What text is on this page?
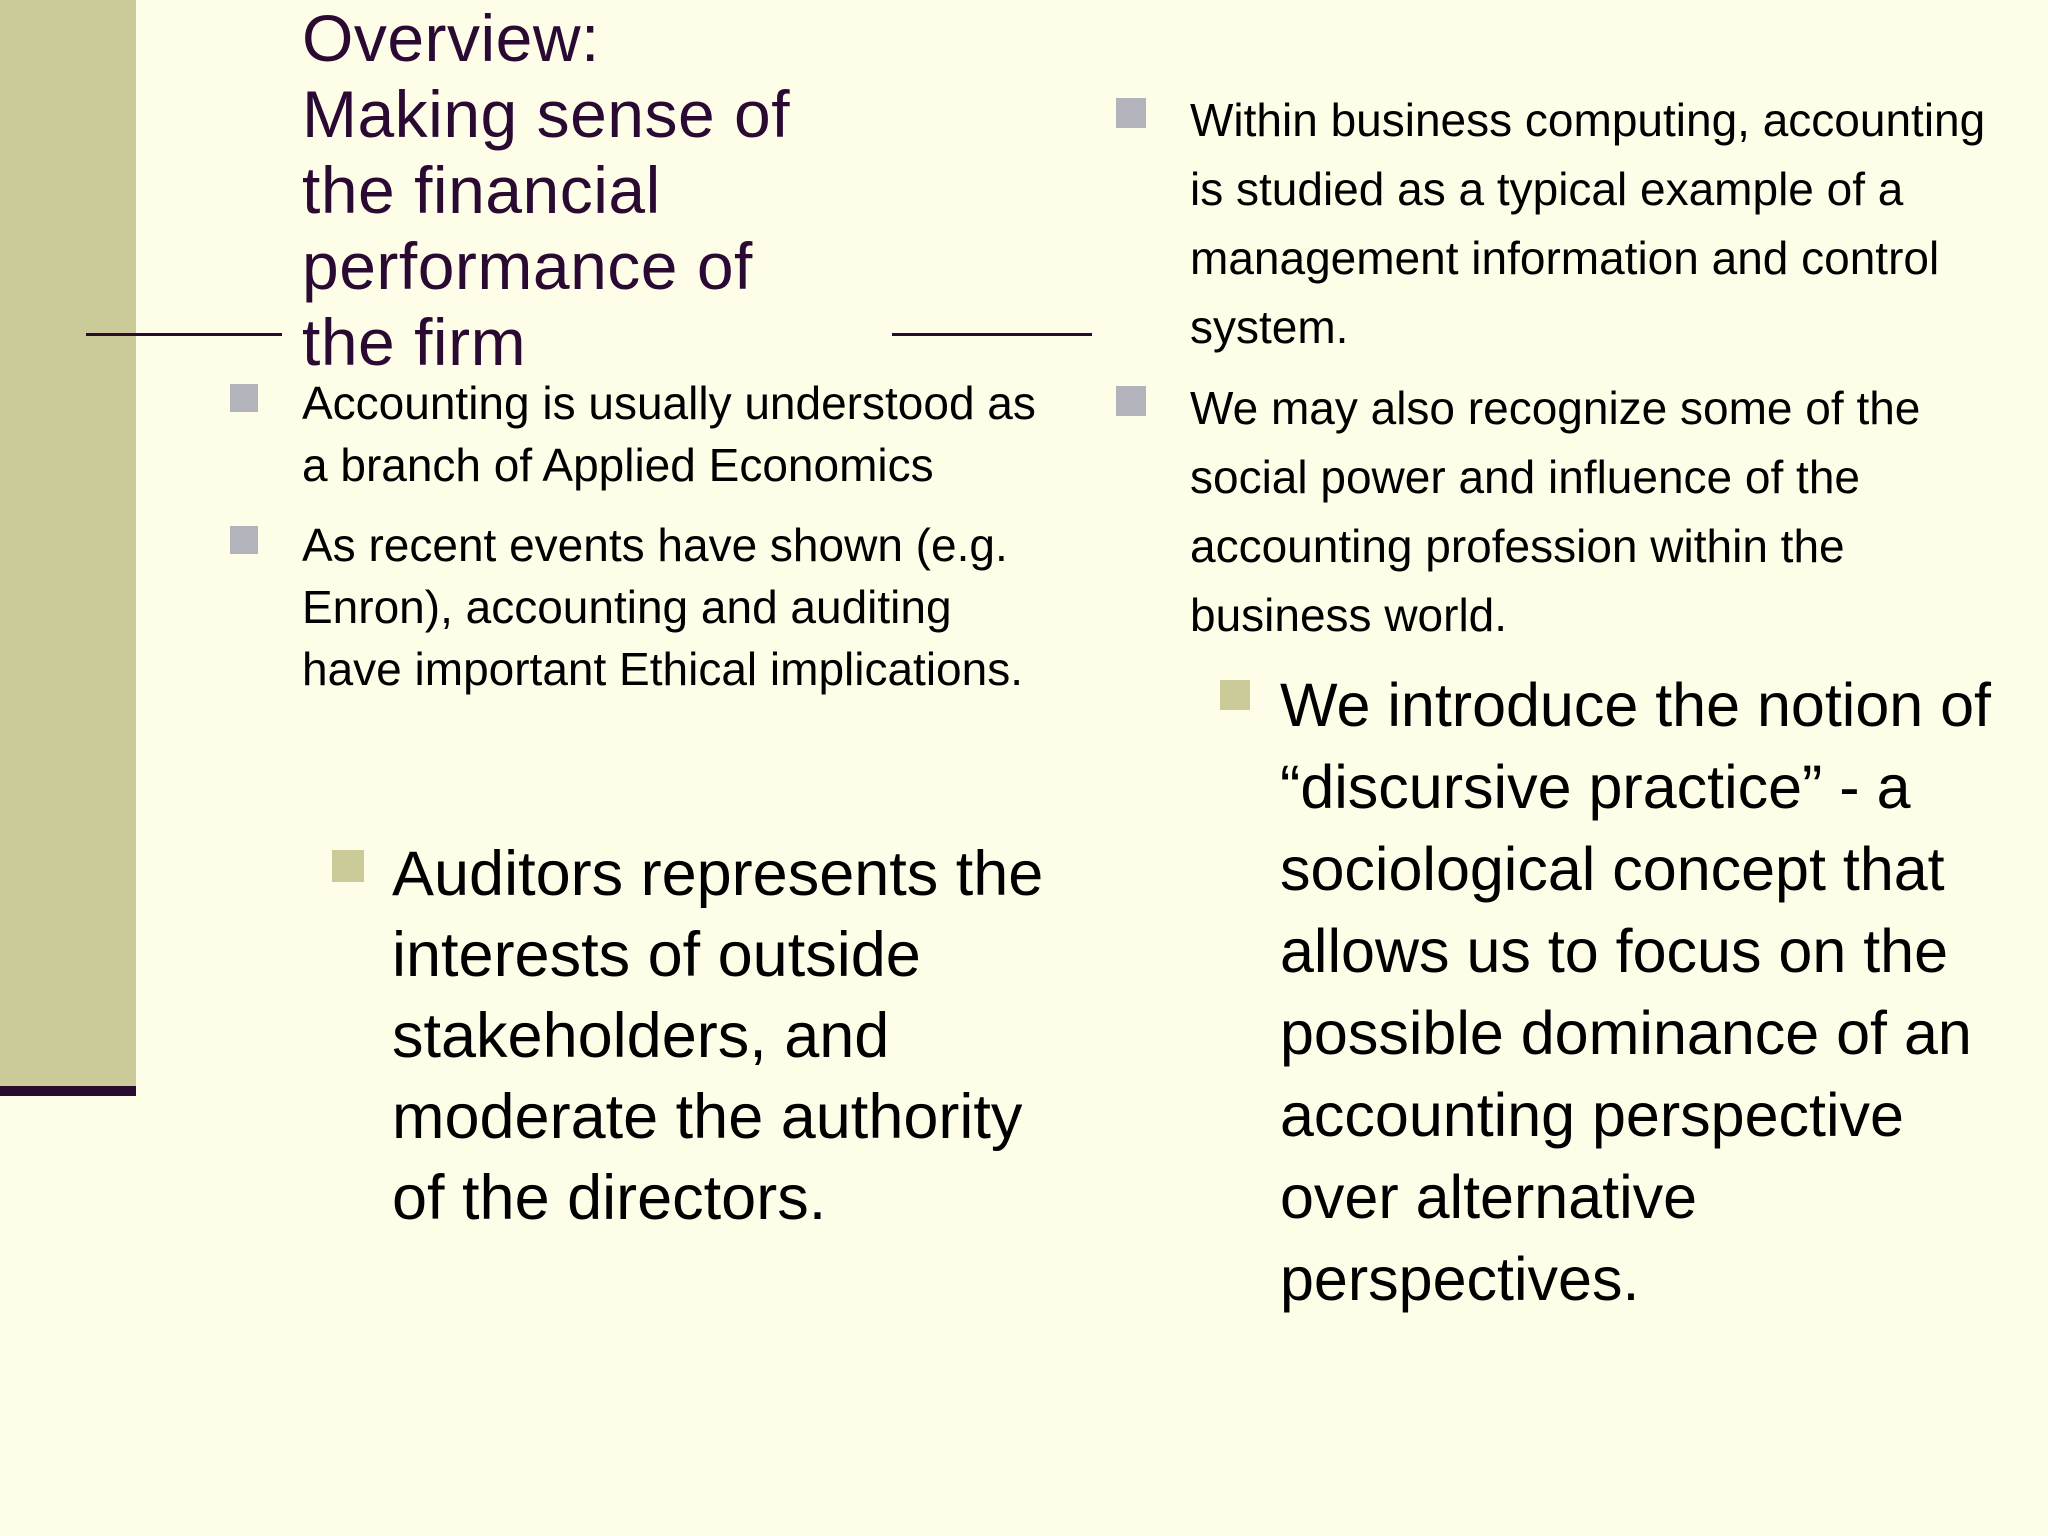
Overview:
Making sense of
the financial
performance of
the firm
Accounting is usually understood as a branch of Applied Economics
As recent events have shown (e.g. Enron), accounting and auditing have important Ethical implications.
Auditors represents the interests of outside stakeholders, and moderate the authority of the directors.
Within business computing, accounting is studied as a typical example of a management information and control system.
We may also recognize some of the social power and influence of the accounting profession within the business world.
We introduce the notion of “discursive practice” - a sociological concept that allows us to focus on the possible dominance of an accounting perspective over alternative perspectives.
